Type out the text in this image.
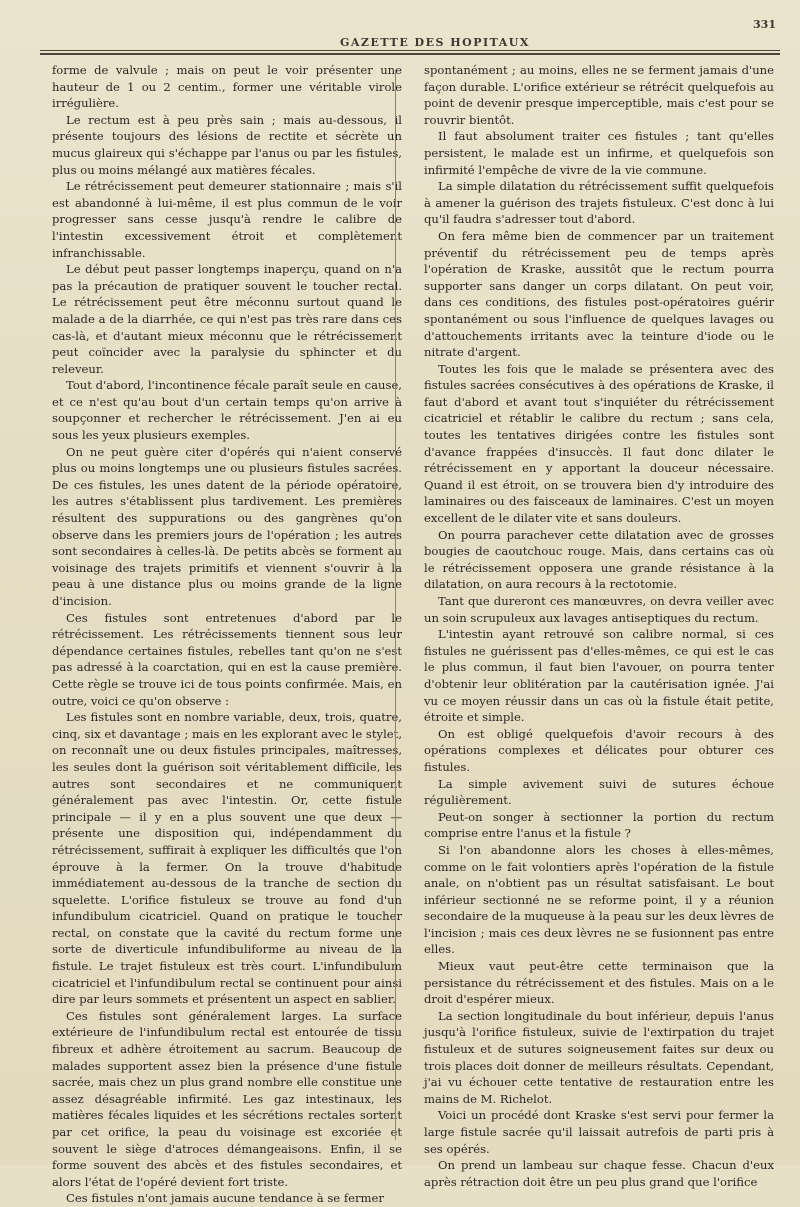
GAZETTE DES HOPITAUX
331

forme de valvule ; mais on peut le voir présenter une hauteur de 1 ou 2 centim., former une véritable virole irrégulière.

Le rectum est à peu près sain ; mais au-dessous, il présente toujours des lésions de rectite et sécrète un mucus glaireux qui s'échappe par l'anus ou par les fistules, plus ou moins mélangé aux matières fécales.

Le rétrécissement peut demeurer stationnaire ; mais s'il est abandonné à lui-même, il est plus commun de le voir progresser sans cesse jusqu'à rendre le calibre de l'intestin excessivement étroit et complètement infranchissable.

Le début peut passer longtemps inaperçu, quand on n'a pas la précaution de pratiquer souvent le toucher rectal. Le rétrécissement peut être méconnu surtout quand le malade a de la diarrhée, ce qui n'est pas très rare dans ces cas-là, et d'autant mieux méconnu que le rétrécissement peut coïncider avec la paralysie du sphincter et du releveur.

Tout d'abord, l'incontinence fécale paraît seule en cause, et ce n'est qu'au bout d'un certain temps qu'on arrive à soupçonner et rechercher le rétrécissement. J'en ai eu sous les yeux plusieurs exemples.

On ne peut guère citer d'opérés qui n'aient conservé plus ou moins longtemps une ou plusieurs fistules sacrées. De ces fistules, les unes datent de la période opératoire, les autres s'établissent plus tardivement. Les premières résultent des suppurations ou des gangrènes qu'on observe dans les premiers jours de l'opération ; les autres sont secondaires à celles-là. De petits abcès se forment au voisinage des trajets primitifs et viennent s'ouvrir à la peau à une distance plus ou moins grande de la ligne d'incision.

Ces fistules sont entretenues d'abord par le rétrécissement. Les rétrécissements tiennent sous leur dépendance certaines fistules, rebelles tant qu'on ne s'est pas adressé à la coarctation, qui en est la cause première. Cette règle se trouve ici de tous points confirmée. Mais, en outre, voici ce qu'on observe :

Les fistules sont en nombre variable, deux, trois, quatre, cinq, six et davantage ; mais en les explorant avec le stylet, on reconnaît une ou deux fistules principales, maîtresses, les seules dont la guérison soit véritablement difficile, les autres sont secondaires et ne communiquent généralement pas avec l'intestin. Or, cette fistule principale — il y en a plus souvent une que deux — présente une disposition qui, indépendamment du rétrécissement, suffirait à expliquer les difficultés que l'on éprouve à la fermer. On la trouve d'habitude immédiatement au-dessous de la tranche de section du squelette. L'orifice fistuleux se trouve au fond d'un infundibulum cicatriciel. Quand on pratique le toucher rectal, on constate que la cavité du rectum forme une sorte de diverticule infundibuliforme au niveau de la fistule. Le trajet fistuleux est très court. L'infundibulum cicatriciel et l'infundibulum rectal se continuent pour ainsi dire par leurs sommets et présentent un aspect en sablier.

Ces fistules sont généralement larges. La surface extérieure de l'infundibulum rectal est entourée de tissu fibreux et adhère étroitement au sacrum. Beaucoup de malades supportent assez bien la présence d'une fistule sacrée, mais chez un plus grand nombre elle constitue une assez désagréable infirmité. Les gaz intestinaux, les matières fécales liquides et les sécrétions rectales sortent par cet orifice, la peau du voisinage est excoriée et souvent le siège d'atroces démangeaisons. Enfin, il se forme souvent des abcès et des fistules secondaires, et alors l'état de l'opéré devient fort triste.

Ces fistules n'ont jamais aucune tendance à se fermer

spontanément ; au moins, elles ne se ferment jamais d'une façon durable. L'orifice extérieur se rétrécit quelquefois au point de devenir presque imperceptible, mais c'est pour se rouvrir bientôt.

Il faut absolument traiter ces fistules ; tant qu'elles persistent, le malade est un infirme, et quelquefois son infirmité l'empêche de vivre de la vie commune.

La simple dilatation du rétrécissement suffit quelquefois à amener la guérison des trajets fistuleux. C'est donc à lui qu'il faudra s'adresser tout d'abord.

On fera même bien de commencer par un traitement préventif du rétrécissement peu de temps après l'opération de Kraske, aussitôt que le rectum pourra supporter sans danger un corps dilatant. On peut voir, dans ces conditions, des fistules post-opératoires guérir spontanément ou sous l'influence de quelques lavages ou d'attouchements irritants avec la teinture d'iode ou le nitrate d'argent.

Toutes les fois que le malade se présentera avec des fistules sacrées consécutives à des opérations de Kraske, il faut d'abord et avant tout s'inquiéter du rétrécissement cicatriciel et rétablir le calibre du rectum ; sans cela, toutes les tentatives dirigées contre les fistules sont d'avance frappées d'insuccès. Il faut donc dilater le rétrécissement en y apportant la douceur nécessaire. Quand il est étroit, on se trouvera bien d'y introduire des laminaires ou des faisceaux de laminaires. C'est un moyen excellent de le dilater vite et sans douleurs.

On pourra parachever cette dilatation avec de grosses bougies de caoutchouc rouge. Mais, dans certains cas où le rétrécissement opposera une grande résistance à la dilatation, on aura recours à la rectotomie.

Tant que dureront ces manœuvres, on devra veiller avec un soin scrupuleux aux lavages antiseptiques du rectum.

L'intestin ayant retrouvé son calibre normal, si ces fistules ne guérissent pas d'elles-mêmes, ce qui est le cas le plus commun, il faut bien l'avouer, on pourra tenter d'obtenir leur oblitération par la cautérisation ignée. J'ai vu ce moyen réussir dans un cas où la fistule était petite, étroite et simple.

On est obligé quelquefois d'avoir recours à des opérations complexes et délicates pour obturer ces fistules.

La simple avivement suivi de sutures échoue régulièrement.

Peut-on songer à sectionner la portion du rectum comprise entre l'anus et la fistule ?

Si l'on abandonne alors les choses à elles-mêmes, comme on le fait volontiers après l'opération de la fistule anale, on n'obtient pas un résultat satisfaisant. Le bout inférieur sectionné ne se reforme point, il y a réunion secondaire de la muqueuse à la peau sur les deux lèvres de l'incision ; mais ces deux lèvres ne se fusionnent pas entre elles.

Mieux vaut peut-être cette terminaison que la persistance du rétrécissement et des fistules. Mais on a le droit d'espérer mieux.

La section longitudinale du bout inférieur, depuis l'anus jusqu'à l'orifice fistuleux, suivie de l'extirpation du trajet fistuleux et de sutures soigneusement faites sur deux ou trois places doit donner de meilleurs résultats. Cependant, j'ai vu échouer cette tentative de restauration entre les mains de M. Richelot.

Voici un procédé dont Kraske s'est servi pour fermer la large fistule sacrée qu'il laissait autrefois de parti pris à ses opérés.

On prend un lambeau sur chaque fesse. Chacun d'eux après rétraction doit être un peu plus grand que l'orifice
